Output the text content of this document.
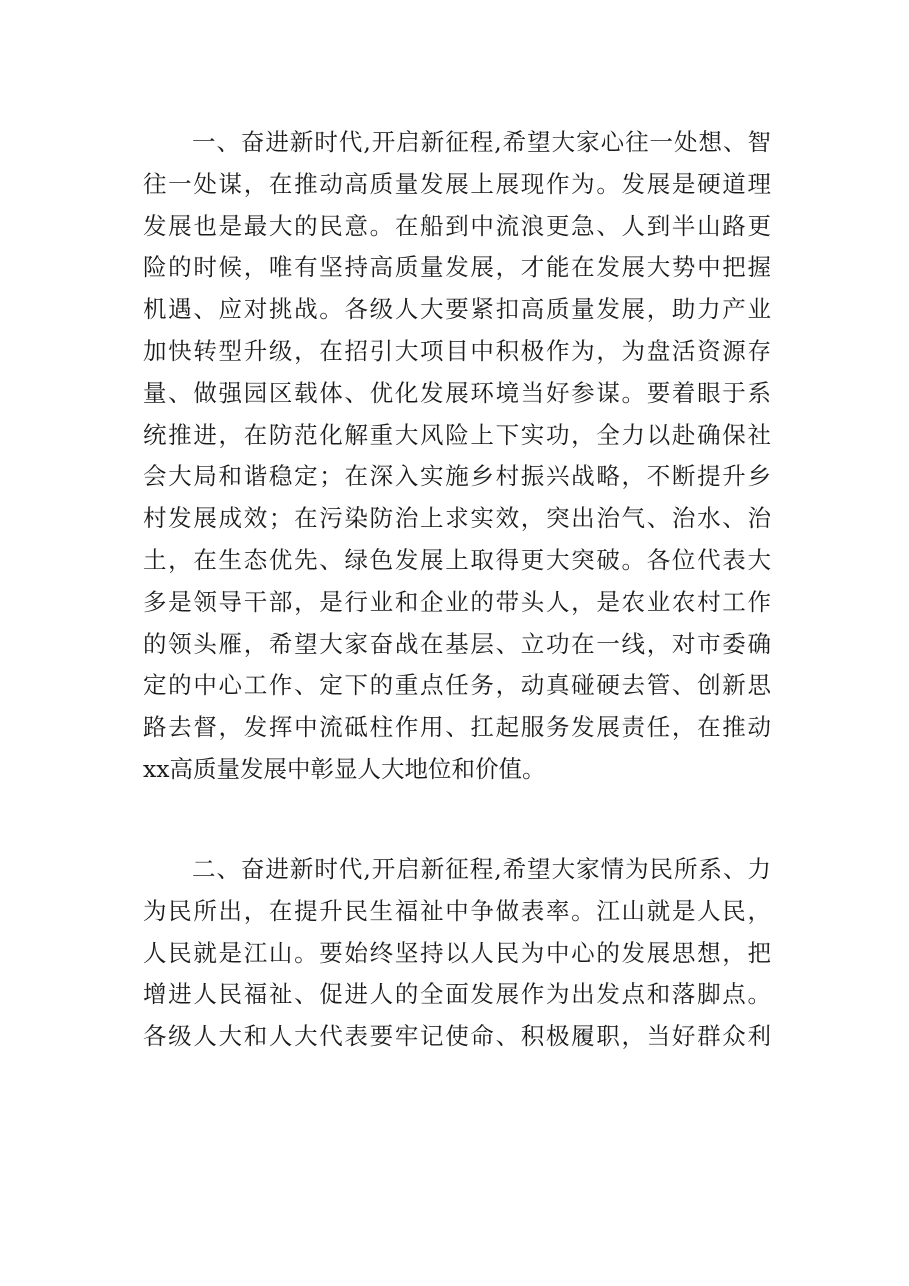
　　一、奋进新时代,开启新征程,希望大家心往一处想、智
往一处谋，在推动高质量发展上展现作为。发展是硬道理
发展也是最大的民意。在船到中流浪更急、人到半山路更
险的时候，唯有坚持高质量发展，才能在发展大势中把握
机遇、应对挑战。各级人大要紧扣高质量发展，助力产业
加快转型升级，在招引大项目中积极作为，为盘活资源存
量、做强园区载体、优化发展环境当好参谋。要着眼于系
统推进，在防范化解重大风险上下实功，全力以赴确保社
会大局和谐稳定；在深入实施乡村振兴战略，不断提升乡
村发展成效；在污染防治上求实效，突出治气、治水、治
土，在生态优先、绿色发展上取得更大突破。各位代表大
多是领导干部，是行业和企业的带头人，是农业农村工作
的领头雁，希望大家奋战在基层、立功在一线，对市委确
定的中心工作、定下的重点任务，动真碰硬去管、创新思
路去督，发挥中流砥柱作用、扛起服务发展责任，在推动
xx高质量发展中彰显人大地位和价值。
　　二、奋进新时代,开启新征程,希望大家情为民所系、力
为民所出，在提升民生福祉中争做表率。江山就是人民，
人民就是江山。要始终坚持以人民为中心的发展思想，把
增进人民福祉、促进人的全面发展作为出发点和落脚点。
各级人大和人大代表要牢记使命、积极履职，当好群众利
